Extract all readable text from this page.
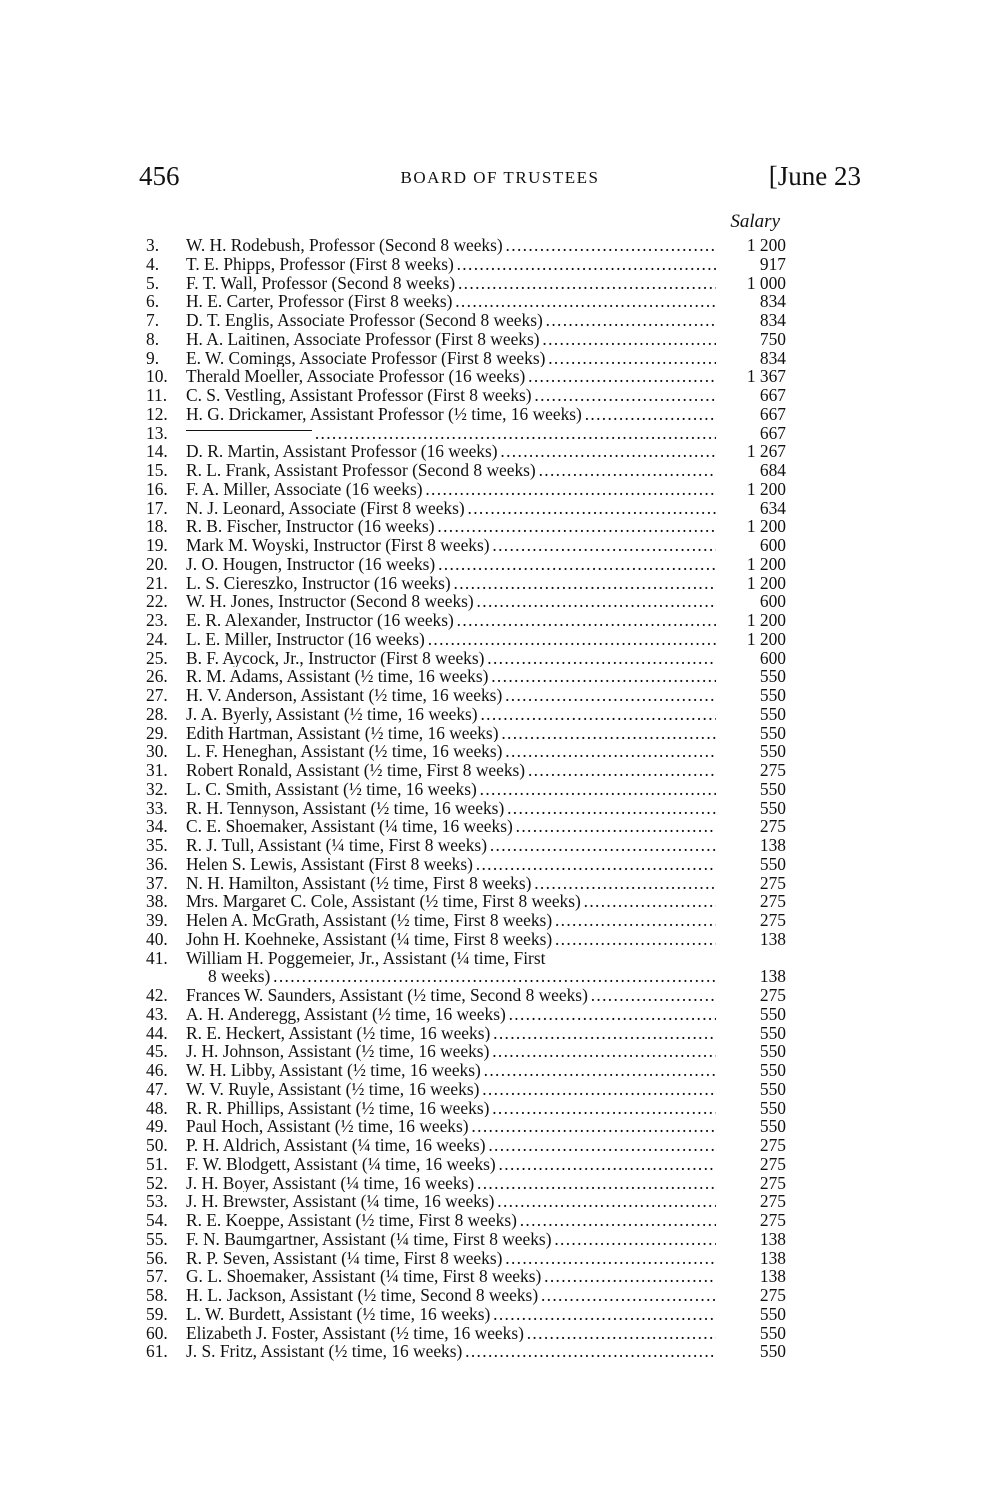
456	BOARD OF TRUSTEES	[June 23
Salary
3.	W. H. Rodebush, Professor (Second 8 weeks) . . .	1 200
4.	T. E. Phipps, Professor (First 8 weeks) . . .	917
5.	F. T. Wall, Professor (Second 8 weeks) . . .	1 000
6.	H. E. Carter, Professor (First 8 weeks) . . .	834
7.	D. T. Englis, Associate Professor (Second 8 weeks) . . .	834
8.	H. A. Laitinen, Associate Professor (First 8 weeks) . . .	750
9.	E. W. Comings, Associate Professor (First 8 weeks) . . .	834
10.	Therald Moeller, Associate Professor (16 weeks) . . .	1 367
11.	C. S. Vestling, Assistant Professor (First 8 weeks) . . .	667
12.	H. G. Drickamer, Assistant Professor (½ time, 16 weeks) . . .	667
13. . . .	667
14.	D. R. Martin, Assistant Professor (16 weeks) . . .	1 267
15.	R. L. Frank, Assistant Professor (Second 8 weeks) . . .	684
16.	F. A. Miller, Associate (16 weeks) . . .	1 200
17.	N. J. Leonard, Associate (First 8 weeks) . . .	634
18.	R. B. Fischer, Instructor (16 weeks) . . .	1 200
19.	Mark M. Woyski, Instructor (First 8 weeks) . . .	600
20.	J. O. Hougen, Instructor (16 weeks) . . .	1 200
21.	L. S. Ciereszko, Instructor (16 weeks) . . .	1 200
22.	W. H. Jones, Instructor (Second 8 weeks) . . .	600
23.	E. R. Alexander, Instructor (16 weeks) . . .	1 200
24.	L. E. Miller, Instructor (16 weeks) . . .	1 200
25.	B. F. Aycock, Jr., Instructor (First 8 weeks) . . .	600
26.	R. M. Adams, Assistant (½ time, 16 weeks) . . .	550
27.	H. V. Anderson, Assistant (½ time, 16 weeks) . . .	550
28.	J. A. Byerly, Assistant (½ time, 16 weeks) . . .	550
29.	Edith Hartman, Assistant (½ time, 16 weeks) . . .	550
30.	L. F. Heneghan, Assistant (½ time, 16 weeks) . . .	550
31.	Robert Ronald, Assistant (½ time, First 8 weeks) . . .	275
32.	L. C. Smith, Assistant (½ time, 16 weeks) . . .	550
33.	R. H. Tennyson, Assistant (½ time, 16 weeks) . . .	550
34.	C. E. Shoemaker, Assistant (¼ time, 16 weeks) . . .	275
35.	R. J. Tull, Assistant (¼ time, First 8 weeks) . . .	138
36.	Helen S. Lewis, Assistant (First 8 weeks) . . .	550
37.	N. H. Hamilton, Assistant (½ time, First 8 weeks) . . .	275
38.	Mrs. Margaret C. Cole, Assistant (½ time, First 8 weeks) . . .	275
39.	Helen A. McGrath, Assistant (½ time, First 8 weeks) . . .	275
40.	John H. Koehneke, Assistant (¼ time, First 8 weeks) . . .	138
41.	William H. Poggemeier, Jr., Assistant (¼ time, First
8 weeks) . . .	138
42.	Frances W. Saunders, Assistant (½ time, Second 8 weeks) . . .	275
43.	A. H. Anderegg, Assistant (½ time, 16 weeks) . . .	550
44.	R. E. Heckert, Assistant (½ time, 16 weeks) . . .	550
45.	J. H. Johnson, Assistant (½ time, 16 weeks) . . .	550
46.	W. H. Libby, Assistant (½ time, 16 weeks) . . .	550
47.	W. V. Ruyle, Assistant (½ time, 16 weeks) . . .	550
48.	R. R. Phillips, Assistant (½ time, 16 weeks) . . .	550
49.	Paul Hoch, Assistant (½ time, 16 weeks) . . .	550
50.	P. H. Aldrich, Assistant (¼ time, 16 weeks) . . .	275
51.	F. W. Blodgett, Assistant (¼ time, 16 weeks) . . .	275
52.	J. H. Boyer, Assistant (¼ time, 16 weeks) . . .	275
53.	J. H. Brewster, Assistant (¼ time, 16 weeks) . . .	275
54.	R. E. Koeppe, Assistant (½ time, First 8 weeks) . . .	275
55.	F. N. Baumgartner, Assistant (¼ time, First 8 weeks) . . .	138
56.	R. P. Seven, Assistant (¼ time, First 8 weeks) . . .	138
57.	G. L. Shoemaker, Assistant (¼ time, First 8 weeks) . . .	138
58.	H. L. Jackson, Assistant (½ time, Second 8 weeks) . . .	275
59.	L. W. Burdett, Assistant (½ time, 16 weeks) . . .	550
60.	Elizabeth J. Foster, Assistant (½ time, 16 weeks) . . .	550
61.	J. S. Fritz, Assistant (½ time, 16 weeks) . . .	550
